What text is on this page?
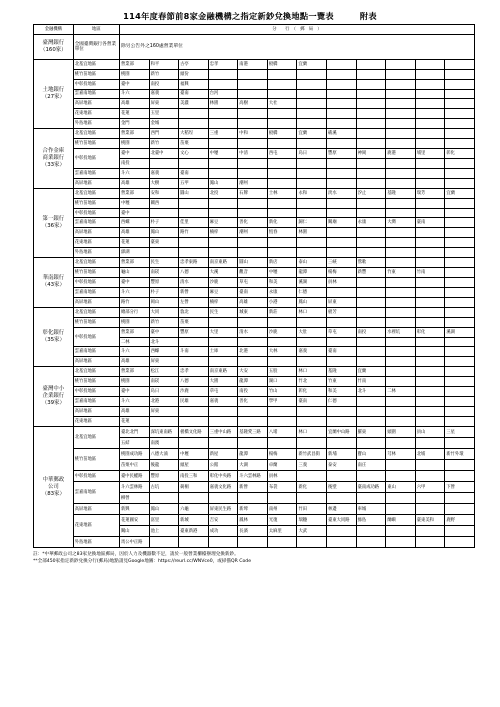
114年度春節前8家金融機構之指定新鈔兌換地點一覽表	附表
金融機構	地區	分　　行　（　郵　局　）											
臺灣銀行
（160家）	全國臺灣銀行各營業單位	除另公告外之160處營業單位											
土地銀行
（27家）	北基宜地區	營業部	和平	古亭	忠孝	南港	板橋	宜蘭					
	桃竹苗地區	桃園	新竹	頭份									
	中彰投地區	臺中	南投	福興									
	雲嘉南地區	斗六	嘉義	臺南	台河								
	高屏地區	高雄	屏東	美濃	林園	高樹	大社						
	花東地區	花蓮	玉里										
	外島地區	金門	金城										
合作金庫
商業銀行
（33家）	北基宜地區	營業部	西門	大稻埕	三重	中和	板橋	宜蘭	礁溪				
	桃竹苗地區	桃園	新竹	苗栗									
	中彰投地區	臺中	北臺中	文心	中壢	中清	西屯	烏日	豐原	神岡	鹿港	埔里	彰化
		南投											
	雲嘉南地區	斗六	嘉義	臺南									
	高屏地區	高雄	大樹	五甲	鳳山	潮州							
第一銀行
（36家）	北基宜地區	營業部	安和	圓山	北投	石牌	士林	永和	淡水	汐止	基隆	瑞芳	宜蘭
	桃竹苗地區	中壢	關西										
	中彰投地區	臺中											
	雲嘉南地區	西螺	朴子	佳里	麻豆	善化	新化	歸仁	關廟	永康	大灣	臺南	
	高屏地區	高雄	鳳山	路竹	楠梓	潮州	恆春	林園					
	花東地區	花蓮	臺東										
	外島地區	澎湖											
華南銀行
（43家）	北基宜地區	營業部	民生	忠孝東路	南京東路	圓山	新店	泰山	三峽	鶯歌			
	桃竹苗地區	龜山	南崁	八德	大溪	觀音	中壢	龍潭	楊梅	新豐	竹東	竹南	
	中彰投地區	臺中	豐原	清水	沙鹿	草屯	和美	溪湖	員林				
	雲嘉南地區	斗六	朴子	新營	麻豆	臺南	永康	仁德					
	高屏地區	路竹	岡山	左營	楠梓	高雄	小港	鳳山	屏東				
彰化銀行
（35家）	北基宜地區	總部分行	大同	敦北	民生	城東	新莊	林口	板芳				
	桃竹苗地區	桃園	新竹	苗栗									
	中彰投地區	營業部	臺中	豐原	大里	清水	沙鹿	大肚	草屯	南投	水裡坑	彰化	溪湖
		二林	北斗										
	雲嘉南地區	斗六	西螺	斗南	土庫	北港	大林	嘉義	臺南				
	高屏地區	高雄	屏東										
臺灣中小
企業銀行
（39家）	北基宜地區	營業部	松江	忠孝	南京東路	大安	五股	林口	基隆	宜蘭			
	桃竹苗地區	桃園	南崁	八德	大園	龍潭	湖口	竹北	竹東	竹南			
	中彰投地區	臺中	烏日	沙鹿	草屯	南投	竹山	彰化	和美	北斗	二林		
	雲嘉南地區	斗六	北港	民雄	嘉義	善化	學甲	臺南	仁德				
	高屏地區	高雄	屏東										
	花東地區	花蓮											
中華郵政
公司
（83家）	北基宜地區	臺北北門	深坑東南路	板橋文化路	三重中山路	基隆愛三路	八堵	林口	宜蘭中山路	羅東	頭圍	員山	三星
		五結	南澳										
	桃竹苗地區	桃園成功路	八德大湳	中壢	新屋	龍潭	楊梅	新竹武昌街	新埔	寶山	芎林	北埔	新竹外環
		苗栗中正	後龍	頭屋	公館	大湖	卓蘭	三義	泰安	南庄			
	中彰投地區	臺中民權路	豐原	南投三和	彰化中央路	斗六雲林路	員林						
	雲嘉南地區	斗六雲林路	古坑	莿桐	嘉義文化路	新營	布袋	新化	後壁	臺南成功路	東山	六甲	下營
		柳營											
	高屏地區	新興	鳳山	六龜	屏東民生路	新埤	南州	竹田	林邊	車城			
	花東地區	花蓮國安	富里	新城	吉安	鳳林	光復	瑞穗	臺東大同路	綠島	蘭嶼	臺東美和	鹿野
		關山	池上	臺東新港	成功	長濱	太麻里	大武					
	外島地區	馬公中正路											
註：*中華郵政公司之83家兌換地區郵局，因於人力及機器數不足，請於一般營業櫃檯辦理兌換新鈔。
**全部450家指定新鈔兌換分行(郵局)地點請見Google地圖：https://reurl.cc/WNVce0，或掃描QR Code
